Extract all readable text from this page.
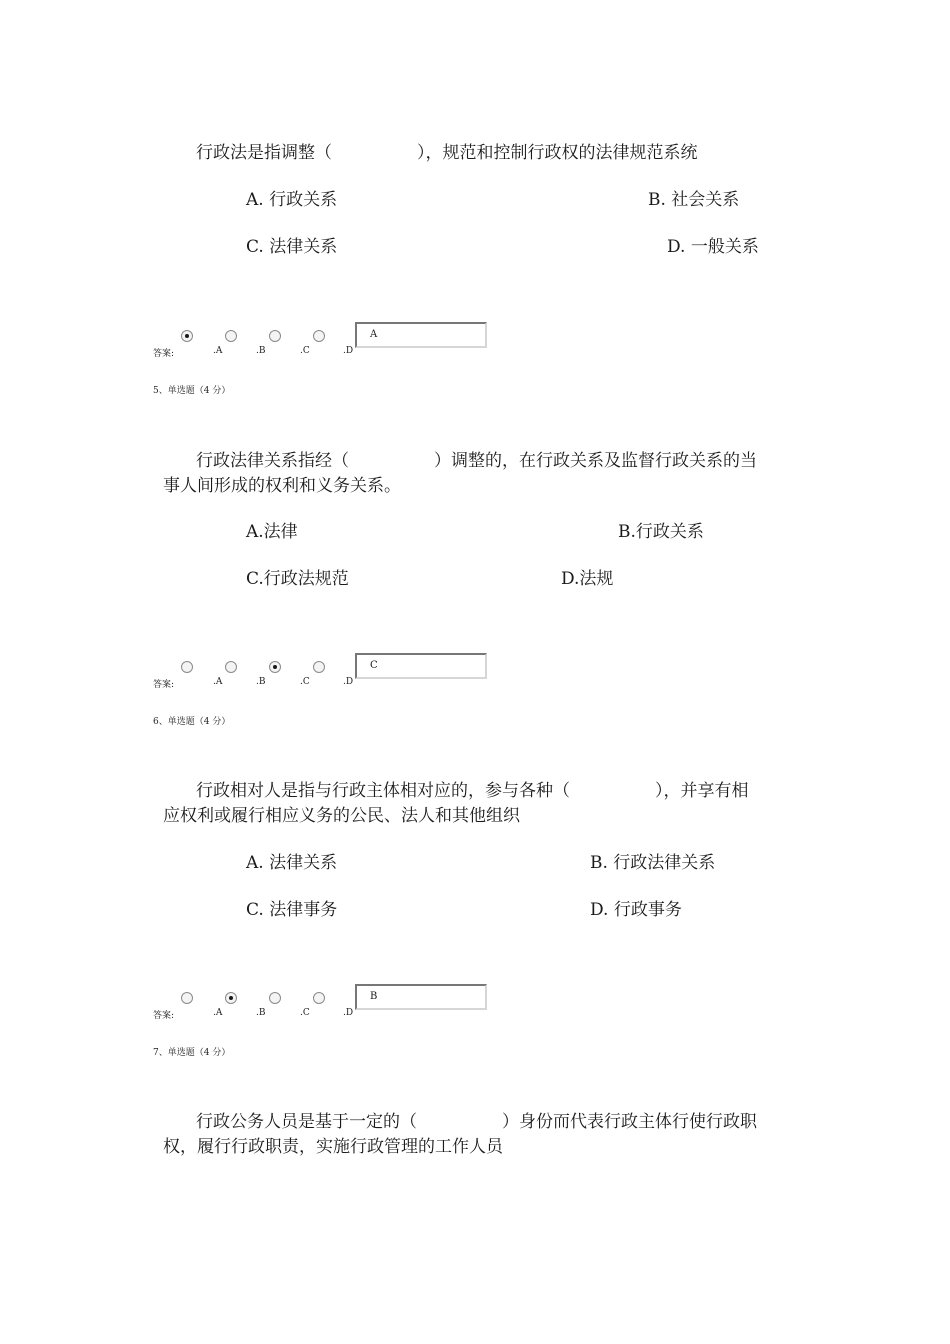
行政法是指调整（　　　　　），规范和控制行政权的法律规范系统
A. 行政关系	B. 社会关系
C. 法律关系	D. 一般关系
A
答案:	.A	.B	.C	.D
5、单选题（4 分）
行政法律关系指经（　　　　　）调整的，在行政关系及监督行政关系的当
事人间形成的权利和义务关系。
A.法律	B.行政关系
C.行政法规范	D.法规
C
答案:	.A	.B	.C	.D
6、单选题（4 分）
行政相对人是指与行政主体相对应的，参与各种（　　　　　），并享有相
应权利或履行相应义务的公民、法人和其他组织
A. 法律关系	B. 行政法律关系
C. 法律事务	D. 行政事务
B
答案:	.A	.B	.C	.D
7、单选题（4 分）
行政公务人员是基于一定的（　　　　　）身份而代表行政主体行使行政职
权，履行行政职责，实施行政管理的工作人员
